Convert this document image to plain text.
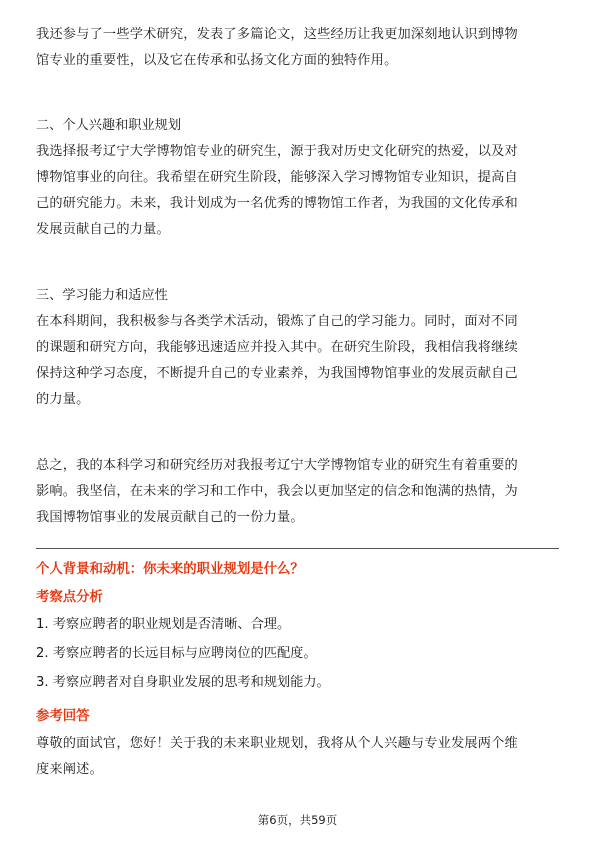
我还参与了一些学术研究，发表了多篇论文，这些经历让我更加深刻地认识到博物
馆专业的重要性，以及它在传承和弘扬文化方面的独特作用。

二、个人兴趣和职业规划

我选择报考辽宁大学博物馆专业的研究生，源于我对历史文化研究的热爱，以及对
博物馆事业的向往。我希望在研究生阶段，能够深入学习博物馆专业知识，提高自
己的研究能力。未来，我计划成为一名优秀的博物馆工作者，为我国的文化传承和
发展贡献自己的力量。

三、学习能力和适应性

在本科期间，我积极参与各类学术活动，锻炼了自己的学习能力。同时，面对不同
的课题和研究方向，我能够迅速适应并投入其中。在研究生阶段，我相信我将继续
保持这种学习态度，不断提升自己的专业素养，为我国博物馆事业的发展贡献自己
的力量。

总之，我的本科学习和研究经历对我报考辽宁大学博物馆专业的研究生有着重要的
影响。我坚信，在未来的学习和工作中，我会以更加坚定的信念和饱满的热情，为
我国博物馆事业的发展贡献自己的一份力量。

个人背景和动机：你未来的职业规划是什么？

考察点分析

1. 考察应聘者的职业规划是否清晰、合理。

2. 考察应聘者的长远目标与应聘岗位的匹配度。

3. 考察应聘者对自身职业发展的思考和规划能力。

参考回答

尊敬的面试官，您好！关于我的未来职业规划，我将从个人兴趣与专业发展两个维
度来阐述。

第6页，共59页
